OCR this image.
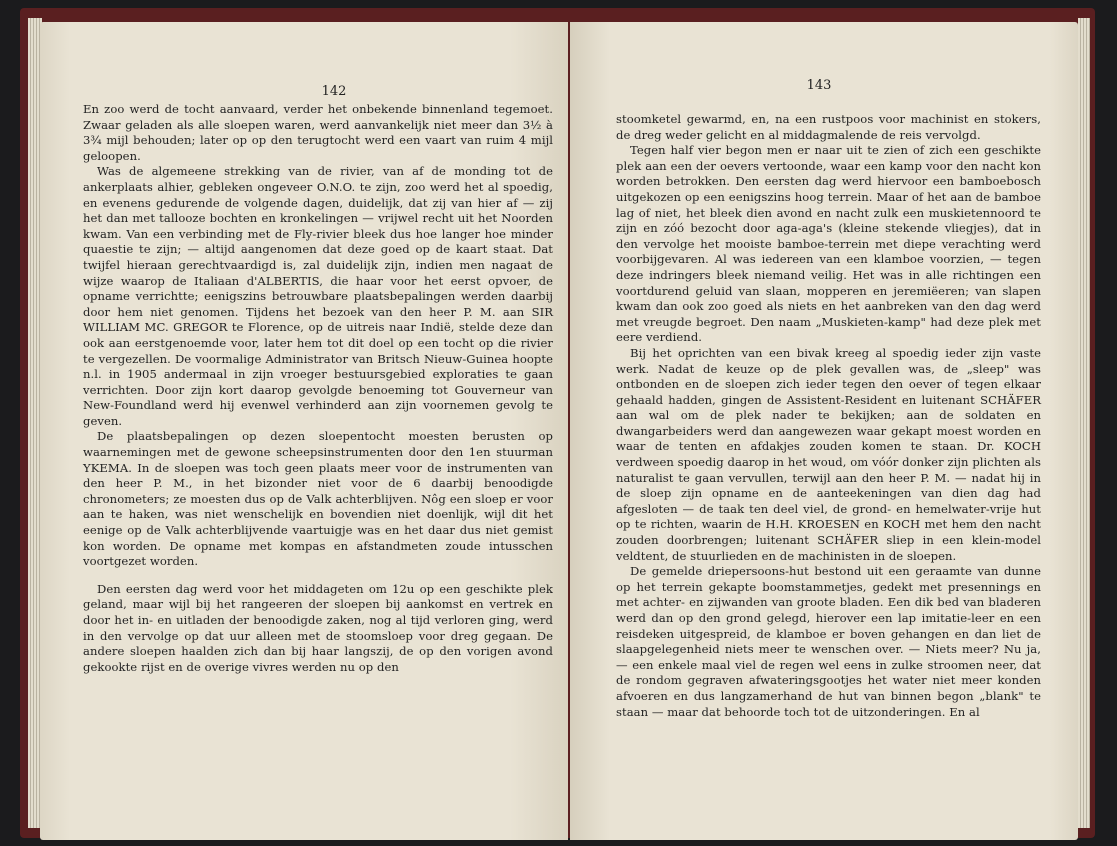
142

En zoo werd de tocht aanvaard, verder het onbekende binnenland tegemoet. Zwaar geladen als alle sloepen waren, werd aanvankelijk niet meer dan 3½ à 3¾ mijl behouden; later op op den terugtocht werd een vaart van ruim 4 mijl geloopen.

Was de algemeene strekking van de rivier, van af de monding tot de ankerplaats alhier, gebleken ongeveer O.N.O. te zijn, zoo werd het al spoedig, en evenens gedurende de volgende dagen, duidelijk, dat zij van hier af — zij het dan met tallooze bochten en kronkelingen — vrijwel recht uit het Noorden kwam. Van een verbinding met de Fly-rivier bleek dus hoe langer hoe minder quaestie te zijn; — altijd aangenomen dat deze goed op de kaart staat. Dat twijfel hieraan gerechtvaardigd is, zal duidelijk zijn, indien men nagaat de wijze waarop de Italiaan d'ALBERTIS, die haar voor het eerst opvoer, de opname verrichtte; eenigszins betrouwbare plaatsbepalingen werden daarbij door hem niet genomen. Tijdens het bezoek van den heer P. M. aan SIR WILLIAM MC. GREGOR te Florence, op de uitreis naar Indië, stelde deze dan ook aan eerstgenoemde voor, later hem tot dit doel op een tocht op die rivier te vergezellen. De voormalige Administrator van Britsch Nieuw-Guinea hoopte n.l. in 1905 andermaal in zijn vroeger bestuursgebied exploraties te gaan verrichten. Door zijn kort daarop gevolgde benoeming tot Gouverneur van New-Foundland werd hij evenwel verhinderd aan zijn voornemen gevolg te geven.

De plaatsbepalingen op dezen sloepentocht moesten berusten op waarnemingen met de gewone scheepsinstrumenten door den 1en stuurman YKEMA. In de sloepen was toch geen plaats meer voor de instrumenten van den heer P. M., in het bizonder niet voor de 6 daarbij benoodigde chronometers; ze moesten dus op de Valk achterblijven. Nôg een sloep er voor aan te haken, was niet wenschelijk en bovendien niet doenlijk, wijl dit het eenige op de Valk achterblijvende vaartuigje was en het daar dus niet gemist kon worden. De opname met kompas en afstandmeten zoude intusschen voortgezet worden.

Den eersten dag werd voor het middageten om 12u op een geschikte plek geland, maar wijl bij het rangeeren der sloepen bij aankomst en vertrek en door het in- en uitladen der benoodigde zaken, nog al tijd verloren ging, werd in den vervolge op dat uur alleen met de stoomsloep voor dreg gegaan. De andere sloepen haalden zich dan bij haar langszij, de op den vorigen avond gekookte rijst en de overige vivres werden nu op den

143

stoomketel gewarmd, en, na een rustpoos voor machinist en stokers, de dreg weder gelicht en al middagmalende de reis vervolgd.

Tegen half vier begon men er naar uit te zien of zich een geschikte plek aan een der oevers vertoonde, waar een kamp voor den nacht kon worden betrokken. Den eersten dag werd hiervoor een bamboebosch uitgekozen op een eenigszins hoog terrein. Maar of het aan de bamboe lag of niet, het bleek dien avond en nacht zulk een muskietennoord te zijn en zóó bezocht door aga-aga's (kleine stekende vliegjes), dat in den vervolge het mooiste bamboe-terrein met diepe verachting werd voorbijgevaren. Al was iedereen van een klamboe voorzien, — tegen deze indringers bleek niemand veilig. Het was in alle richtingen een voortdurend geluid van slaan, mopperen en jeremiëeren; van slapen kwam dan ook zoo goed als niets en het aanbreken van den dag werd met vreugde begroet. Den naam „Muskieten-kamp" had deze plek met eere verdiend.

Bij het oprichten van een bivak kreeg al spoedig ieder zijn vaste werk. Nadat de keuze op de plek gevallen was, de „sleep" was ontbonden en de sloepen zich ieder tegen den oever of tegen elkaar gehaald hadden, gingen de Assistent-Resident en luitenant SCHÄFER aan wal om de plek nader te bekijken; aan de soldaten en dwangarbeiders werd dan aangewezen waar gekapt moest worden en waar de tenten en afdakjes zouden komen te staan. Dr. KOCH verdween spoedig daarop in het woud, om vóór donker zijn plichten als naturalist te gaan vervullen, terwijl aan den heer P. M. — nadat hij in de sloep zijn opname en de aanteekeningen van dien dag had afgesloten — de taak ten deel viel, de grond- en hemelwater-vrije hut op te richten, waarin de H.H. KROESEN en KOCH met hem den nacht zouden doorbrengen; luitenant SCHÄFER sliep in een klein-model veldtent, de stuurlieden en de machinisten in de sloepen.

De gemelde driepersoons-hut bestond uit een geraamte van dunne op het terrein gekapte boomstammetjes, gedekt met presennings en met achter- en zijwanden van groote bladen. Een dik bed van bladeren werd dan op den grond gelegd, hierover een lap imitatie-leer en een reisdeken uitgespreid, de klamboe er boven gehangen en dan liet de slaapgelegenheid niets meer te wenschen over. — Niets meer? Nu ja, — een enkele maal viel de regen wel eens in zulke stroomen neer, dat de rondom gegraven afwateringsgootjes het water niet meer konden afvoeren en dus langzamerhand de hut van binnen begon „blank" te staan — maar dat behoorde toch tot de uitzonderingen. En al
